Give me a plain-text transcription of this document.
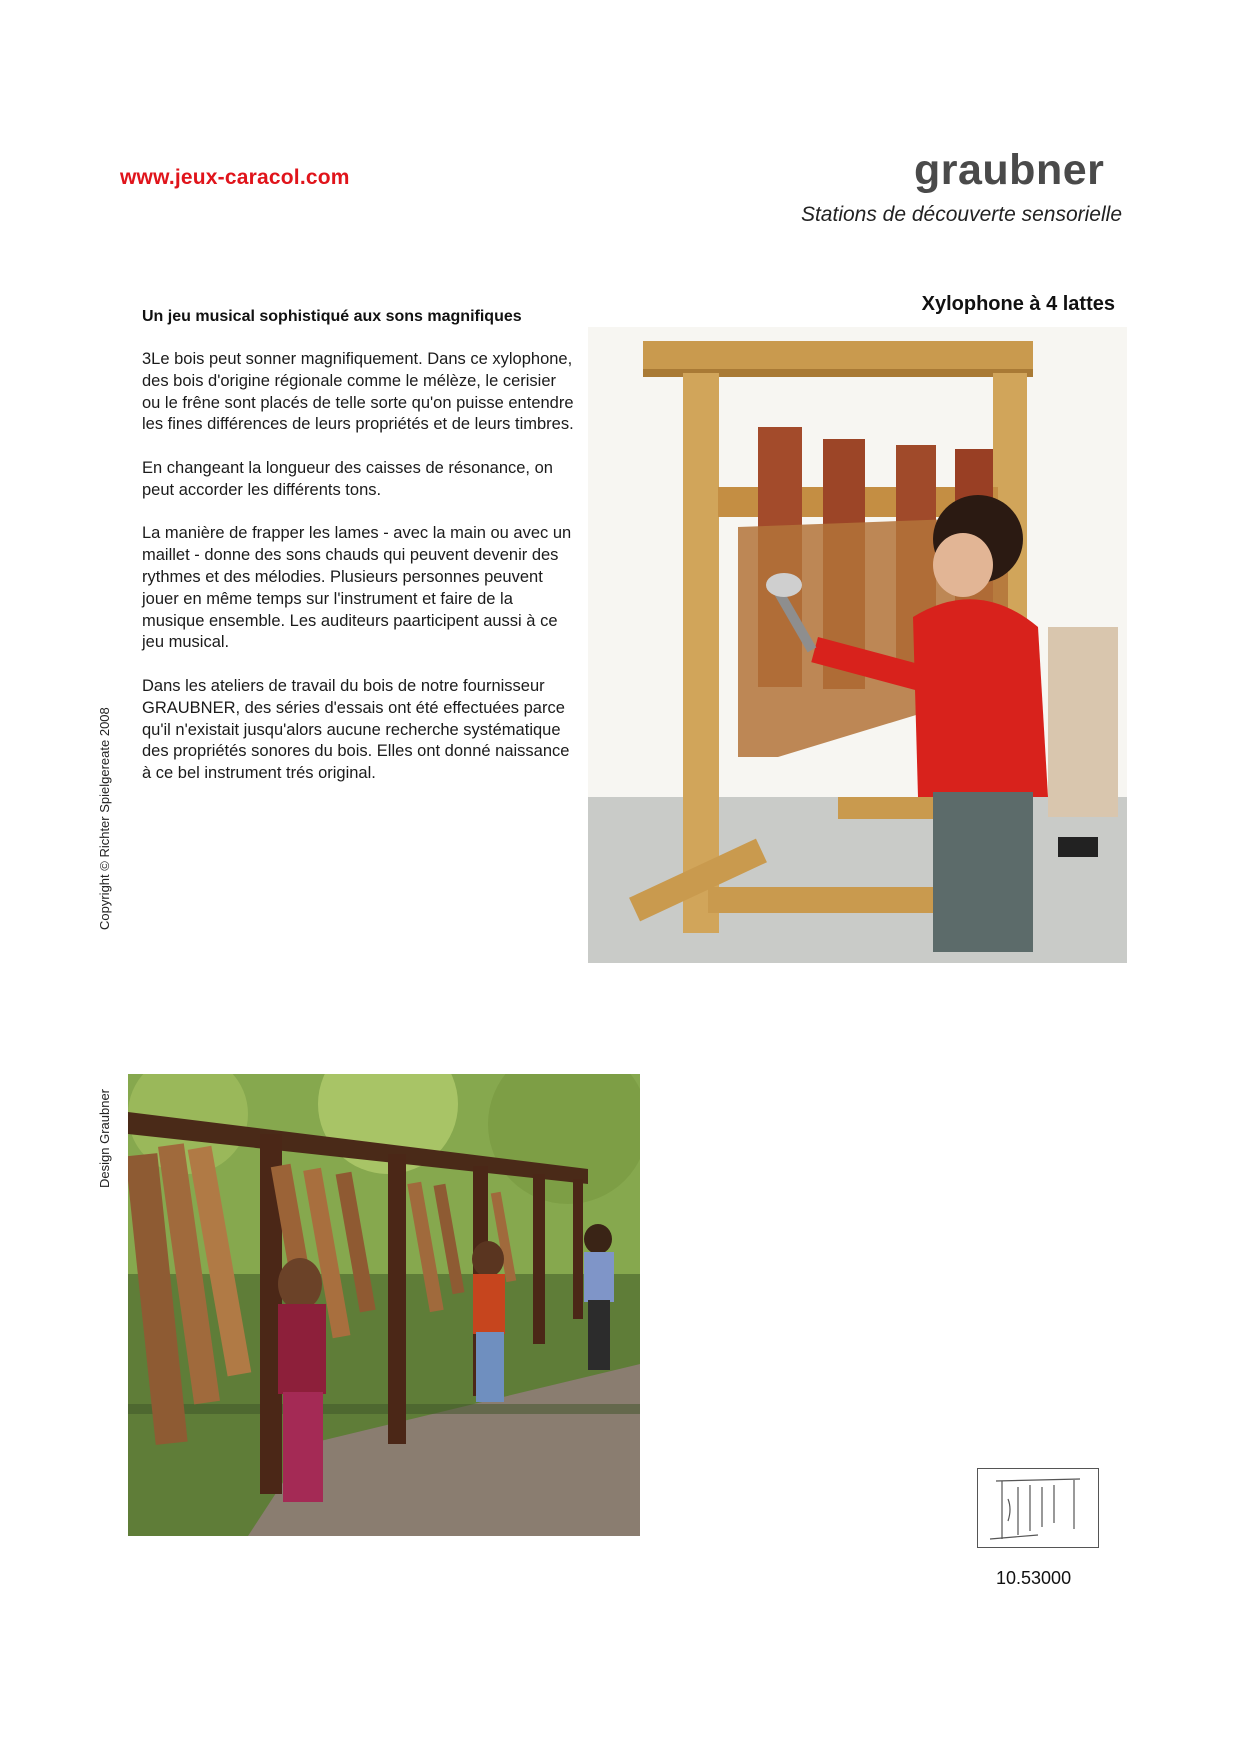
www.jeux-caracol.com	graubner
Stations de découverte sensorielle
Xylophone à 4 lattes
Un jeu musical sophistiqué aux sons magnifiques

3Le bois peut sonner magnifiquement. Dans ce xylophone, des bois d'origine régionale comme le mélèze, le cerisier ou le frêne sont placés de telle sorte qu'on puisse entendre les fines différences de leurs propriétés et de leurs timbres.

En changeant la longueur des caisses de résonance, on peut accorder les différents tons.

La manière de frapper les lames - avec la main ou avec un maillet - donne des sons chauds qui peuvent devenir des rythmes et des mélodies. Plusieurs personnes peuvent jouer en même temps sur l'instrument et faire de la musique ensemble. Les auditeurs paarticipent aussi à ce jeu musical.

Dans les ateliers de travail du bois de notre fournisseur GRAUBNER, des séries d'essais ont été effectuées parce qu'il n'existait jusqu'alors aucune recherche systématique des propriétés sonores du bois. Elles ont donné naissance à ce bel instrument trés original.

Copyright © Richter Spielgereate 2008
Design Graubner
10.53000
